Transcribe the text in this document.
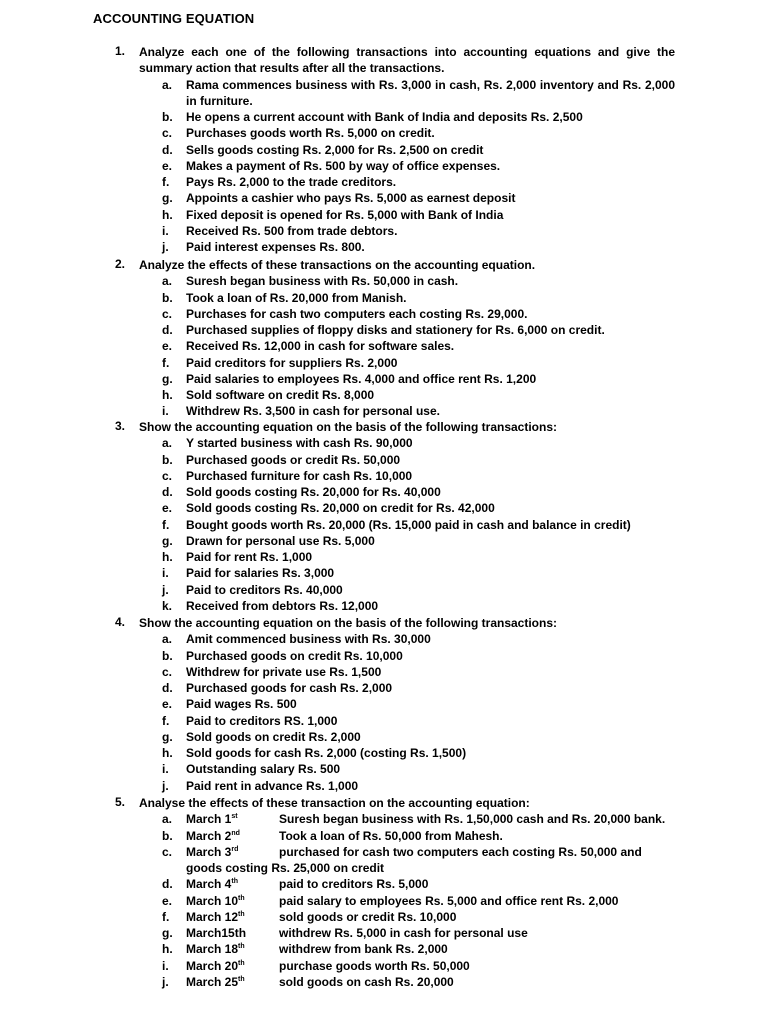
ACCOUNTING EQUATION
1. Analyze each one of the following transactions into accounting equations and give the summary action that results after all the transactions.
a. Rama commences business with Rs. 3,000 in cash, Rs. 2,000 inventory and Rs. 2,000 in furniture.
b. He opens a current account with Bank of India and deposits Rs. 2,500
c. Purchases goods worth Rs. 5,000 on credit.
d. Sells goods costing Rs. 2,000 for Rs. 2,500 on credit
e. Makes a payment of Rs. 500 by way of office expenses.
f. Pays Rs. 2,000 to the trade creditors.
g. Appoints a cashier who pays Rs. 5,000 as earnest deposit
h. Fixed deposit is opened for Rs. 5,000 with Bank of India
i. Received Rs. 500 from trade debtors.
j. Paid interest expenses Rs. 800.
2. Analyze the effects of these transactions on the accounting equation.
a. Suresh began business with Rs. 50,000 in cash.
b. Took a loan of Rs. 20,000 from Manish.
c. Purchases for cash two computers each costing Rs. 29,000.
d. Purchased supplies of floppy disks and stationery for Rs. 6,000 on credit.
e. Received Rs. 12,000 in cash for software sales.
f. Paid creditors for suppliers Rs. 2,000
g. Paid salaries to employees Rs. 4,000 and office rent Rs. 1,200
h. Sold software on credit Rs. 8,000
i. Withdrew Rs. 3,500 in cash for personal use.
3. Show the accounting equation on the basis of the following transactions:
a. Y started business with cash Rs. 90,000
b. Purchased goods or credit Rs. 50,000
c. Purchased furniture for cash Rs. 10,000
d. Sold goods costing Rs. 20,000 for Rs. 40,000
e. Sold goods costing Rs. 20,000 on credit for Rs. 42,000
f. Bought goods worth Rs. 20,000 (Rs. 15,000 paid in cash and balance in credit)
g. Drawn for personal use Rs. 5,000
h. Paid for rent Rs. 1,000
i. Paid for salaries Rs. 3,000
j. Paid to creditors Rs. 40,000
k. Received from debtors Rs. 12,000
4. Show the accounting equation on the basis of the following transactions:
a. Amit commenced business with Rs. 30,000
b. Purchased goods on credit Rs. 10,000
c. Withdrew for private use Rs. 1,500
d. Purchased goods for cash Rs. 2,000
e. Paid wages Rs. 500
f. Paid to creditors RS. 1,000
g. Sold goods on credit Rs. 2,000
h. Sold goods for cash Rs. 2,000 (costing Rs. 1,500)
i. Outstanding salary Rs. 500
j. Paid rent in advance Rs. 1,000
5. Analyse the effects of these transaction on the accounting equation:
a. March 1st	Suresh began business with Rs. 1,50,000 cash and Rs. 20,000 bank.
b. March 2nd	Took a loan of Rs. 50,000 from Mahesh.
c. March 3rd	purchased for cash two computers each costing Rs. 50,000 and
goods costing Rs. 25,000 on credit
d. March 4th	paid to creditors Rs. 5,000
e. March 10th	paid salary to employees Rs. 5,000 and office rent Rs. 2,000
f. March 12th	sold goods or credit Rs. 10,000
g. March15th	withdrew Rs. 5,000 in cash for personal use
h. March 18th	withdrew from bank Rs. 2,000
i. March 20th	purchase goods worth Rs. 50,000
j. March 25th	sold goods on cash Rs. 20,000
